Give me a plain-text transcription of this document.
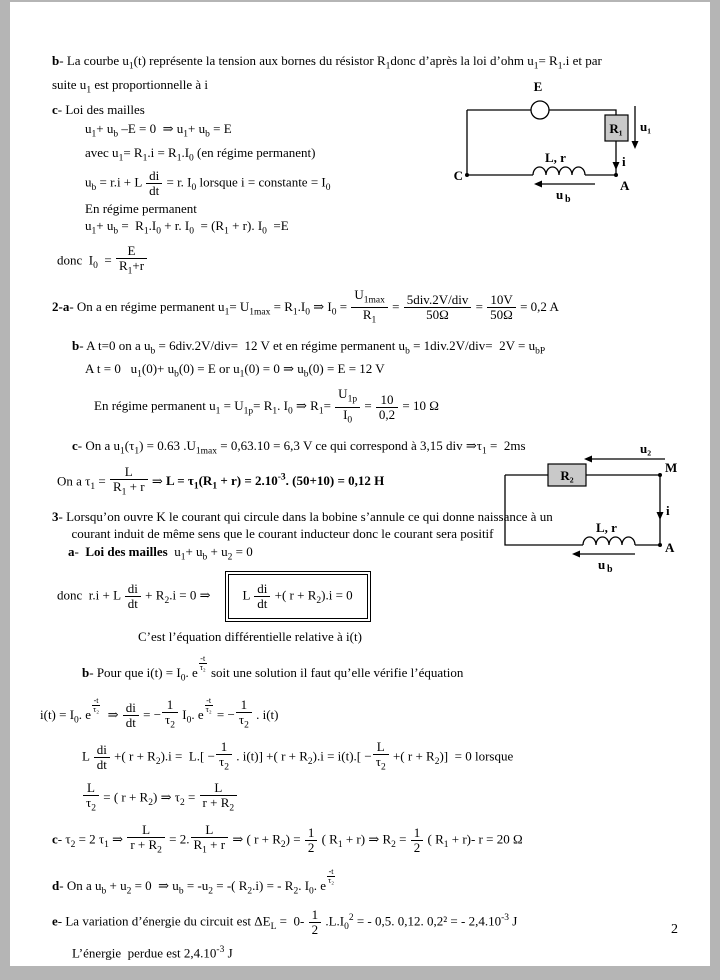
b- La courbe $u_1(t)$ représente la tension aux bornes du résistor $R_1donc$ d’après la loi d’ohm $u_1= R_1.i$ et par
suite $u_1$ est proportionnelle à i
c- Loi des mailles
$u_1+ u_b$ –E = 0  ⇒ $u_1+ u_b = E$
avec $u_1= R_1.i = R_1.I_0$ (en régime permanent)
$u_b = r.i + L \frac{di}{dt} = r$. $I_0$ lorsque i = constante = $I_0$
En régime permanent
$u_1+ u_b = R_1.I_0 + r$. $I_0 = (R_1 + r)$. $I_0 =E$
donc  $I_0 = \frac{E}{R_1+r}$
2-a- On a en régime permanent $u_1= U_{1max} = R_1.I_0$ ⇒ $I_0$ =
$U_{1max}$
$R_1$
= 5div.2V/div
50Ω
= $\frac{10V}{50\Omega} = 0,2$ A
b- A t=0 on a $u_b = 6div.2V/div= 12$ V et en régime permanent $u_b = 1div.2V/div= 2V = u_{bP}$
A t = 0   $u_1(0)+ u_b(0) = E$ or $u_1(0) = 0$ ⇒ $u_b(0) = E = 12$ V
En régime permanent $u_1 = U_{1p}= R_1$. $I_0$ ⇒ $R_1= \frac{U_{1p}}{I_0} = \frac{10}{0,2} = 10$ Ω
c- On a $u_1(\tau_1) = 0.63$ $.U_{1max} = 0,63.10 = 6,3$ V ce qui correspond à 3,15 div $\Rightarrow\tau_1 = 2ms$
On a $\tau_1 = \frac{L}{R_1 + r}$ ⇒ $L = \tau_1(R_1 + r) = 2.10^{-3}$. (50+10) = 0,12 H
3- Lorsqu’on ouvre K le courant qui circule dans la bobine s’annule ce qui donne naissance à un
courant induit de même sens que le courant inducteur donc le courant sera positif
a-  Loi des mailles  $u_1+ u_b + u_2 = 0$
donc  r.i + L $\frac{di}{dt} + R_2.i = 0$ ⇒ L $\frac{di}{dt}$ +( $r + R_2).i = 0$
C’est l’équation différentielle relative à i(t)
b- Pour que $i(t) = I_0$. e
$^{\frac{-t}{\text{τ₂}}}$
soit une solution il faut qu’elle vérifie l’équation
$i(t) = I_0$. e
$^{\frac{-t}{\text{τ₂}}}$
⇒ $\frac{di}{dt}$ = − $\frac{1}{\tau_2} I_0$. e
$^{\frac{-t}{\text{τ₂}}}$
= − $\frac{1}{\tau_2}$ . i(t)
L $\frac{di}{dt}$ +( $r + R_2).i = L.[ - \frac{1}{\tau_2}$ . i(t)] +( $r + R_2).i = i(t).[ - \frac{L}{\tau_2}$ +( $r + R_2)] = 0$ lorsque
$\frac{L}{\tau_2}$ = ( $r + R_2$) ⇒ $\tau_2 = \frac{L}{r + R_2}$
c- $\tau_2 = 2$ $\tau_1$ ⇒ $\frac{L}{r + R_2} = 2$. $\frac{L}{R_1 + r}$ ⇒ ( $r + R_2) = \frac{1}{2}$ ( $R_1 + r$) ⇒ $R_2 = \frac{1}{2}$ ( $R_1 + r)-$ r = 20 Ω
d- On a $u_b + u_2 = 0$  ⇒ $u_b = -u_2$ = -( $R_2.i$) = - $R_2$. $I_0$. e
$^{\frac{-t}{\text{τ₂}}}$
e- La variation d’énergie du circuit est $\Delta E_L = 0- \frac{1}{2} .L.I_0^2$ = - 0,5. 0,12. 0,2² = - $2,4.10^{-3}$ J
L’énergie  perdue est $2,4.10^{-3}$ J
E
R₁ u₁
L, r	i
C
A
u b
u₂
R₂
M
i
L, r
A
u b
2
